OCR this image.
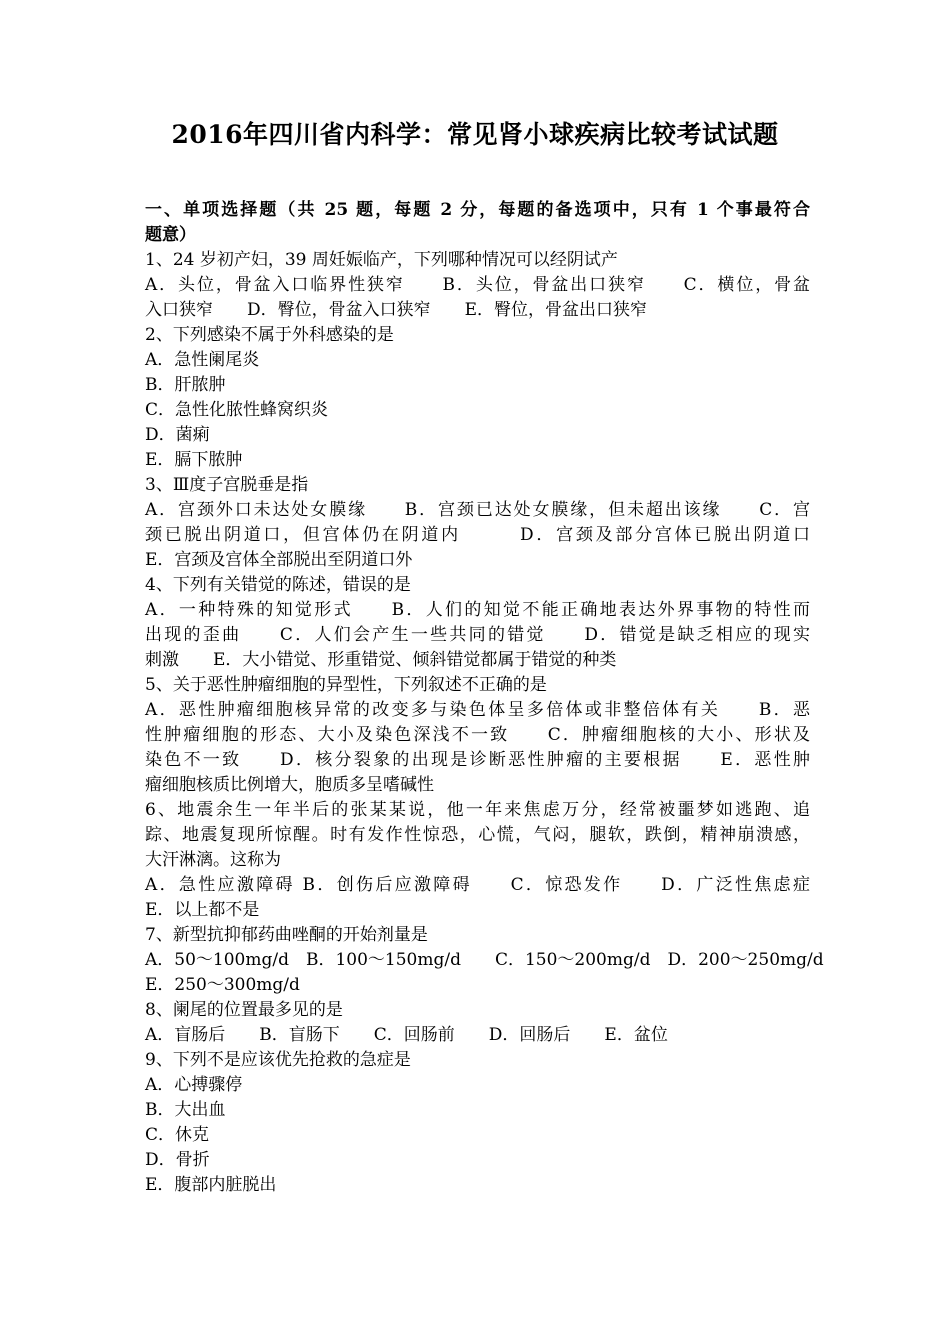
2016年四川省内科学：常见肾小球疾病比较考试试题
一、单项选择题（共 25 题，每题 2 分，每题的备选项中，只有 1 个事最符合
题意）
1、24 岁初产妇，39 周妊娠临产，下列哪种情况可以经阴试产
A．头位，骨盆入口临界性狭窄　　B．头位，骨盆出口狭窄　　C．横位，骨盆
入口狭窄　　D．臀位，骨盆入口狭窄　　E．臀位，骨盆出口狭窄
2、下列感染不属于外科感染的是
A．急性阑尾炎
B．肝脓肿
C．急性化脓性蜂窝织炎
D．菌痢
E．膈下脓肿
3、Ⅲ度子宫脱垂是指
A．宫颈外口未达处女膜缘　　B．宫颈已达处女膜缘，但未超出该缘　　C．宫
颈已脱出阴道口，但宫体仍在阴道内　　　D．宫颈及部分宫体已脱出阴道口
E．宫颈及宫体全部脱出至阴道口外
4、下列有关错觉的陈述，错误的是
A．一种特殊的知觉形式　　B．人们的知觉不能正确地表达外界事物的特性而
出现的歪曲　　C．人们会产生一些共同的错觉　　D．错觉是缺乏相应的现实
刺激　　E．大小错觉、形重错觉、倾斜错觉都属于错觉的种类
5、关于恶性肿瘤细胞的异型性，下列叙述不正确的是
A．恶性肿瘤细胞核异常的改变多与染色体呈多倍体或非整倍体有关　　B．恶
性肿瘤细胞的形态、大小及染色深浅不一致　　C．肿瘤细胞核的大小、形状及
染色不一致　　D．核分裂象的出现是诊断恶性肿瘤的主要根据　　E．恶性肿
瘤细胞核质比例增大，胞质多呈嗜碱性
6、地震余生一年半后的张某某说，他一年来焦虑万分，经常被噩梦如逃跑、追
踪、地震复现所惊醒。时有发作性惊恐，心慌，气闷，腿软，跌倒，精神崩溃感，
大汗淋漓。这称为
A．急性应激障碍 B．创伤后应激障碍　　C．惊恐发作　　D．广泛性焦虑症
E．以上都不是
7、新型抗抑郁药曲唑酮的开始剂量是
A．50～100mg/d　B．100～150mg/d　　C．150～200mg/d　D．200～250mg/d
E．250～300mg/d
8、阑尾的位置最多见的是
A．盲肠后　　B．盲肠下　　C．回肠前　　D．回肠后　　E．盆位
9、下列不是应该优先抢救的急症是
A．心搏骤停
B．大出血
C．休克
D．骨折
E．腹部内脏脱出
